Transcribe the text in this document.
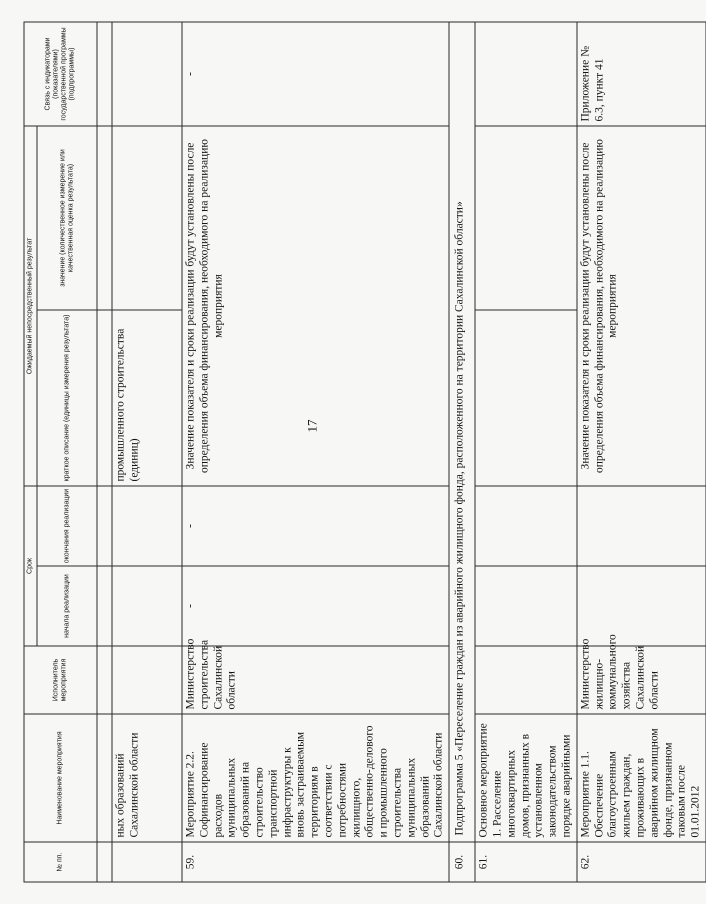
17
№ пп.	Наименование мероприятия	Исполнитель мероприятия	Срок		Ожидаемый непосредственный результат		Связь с индикаторами (показателями) государственной программы (подпрограммы)
			начала реализации	окончания реализации	краткое описание (единицы измерения результата)	значение (количественное измерение или качественная оценка результата)	

	ных образований Сахалинской области				промышленного строительства (единиц)		
59.	Мероприятие 2.2. Софинансирование расходов муниципальных образований на строительство транспортной инфраструктуры к вновь застраиваемым территориям в соответствии с потребностями жилищного, общественно-делового и промышленного строительства муниципальных образований Сахалинской области	Министерство строительства Сахалинской области	-	-	Значение показателя и сроки реализации будут установлены после определения объема финансирования, необходимого на реализацию мероприятия		-
60.	Подпрограмма 5 «Переселение граждан из аварийного жилищного фонда, расположенного на территории Сахалинской области»						
61.	Основное мероприятие 1. Расселение многоквартирных домов, признанных в установленном законодательством порядке аварийными						
62.	Мероприятие 1.1. Обеспечение благоустроенным жильем граждан, проживающих в аварийном жилищном фонде, признанном таковым после 01.01.2012	Министерство жилищно-коммунального хозяйства Сахалинской области			Значение показателя и сроки реализации будут установлены после определения объема финансирования, необходимого на реализацию мероприятия		Приложение № 6.3, пункт 41
